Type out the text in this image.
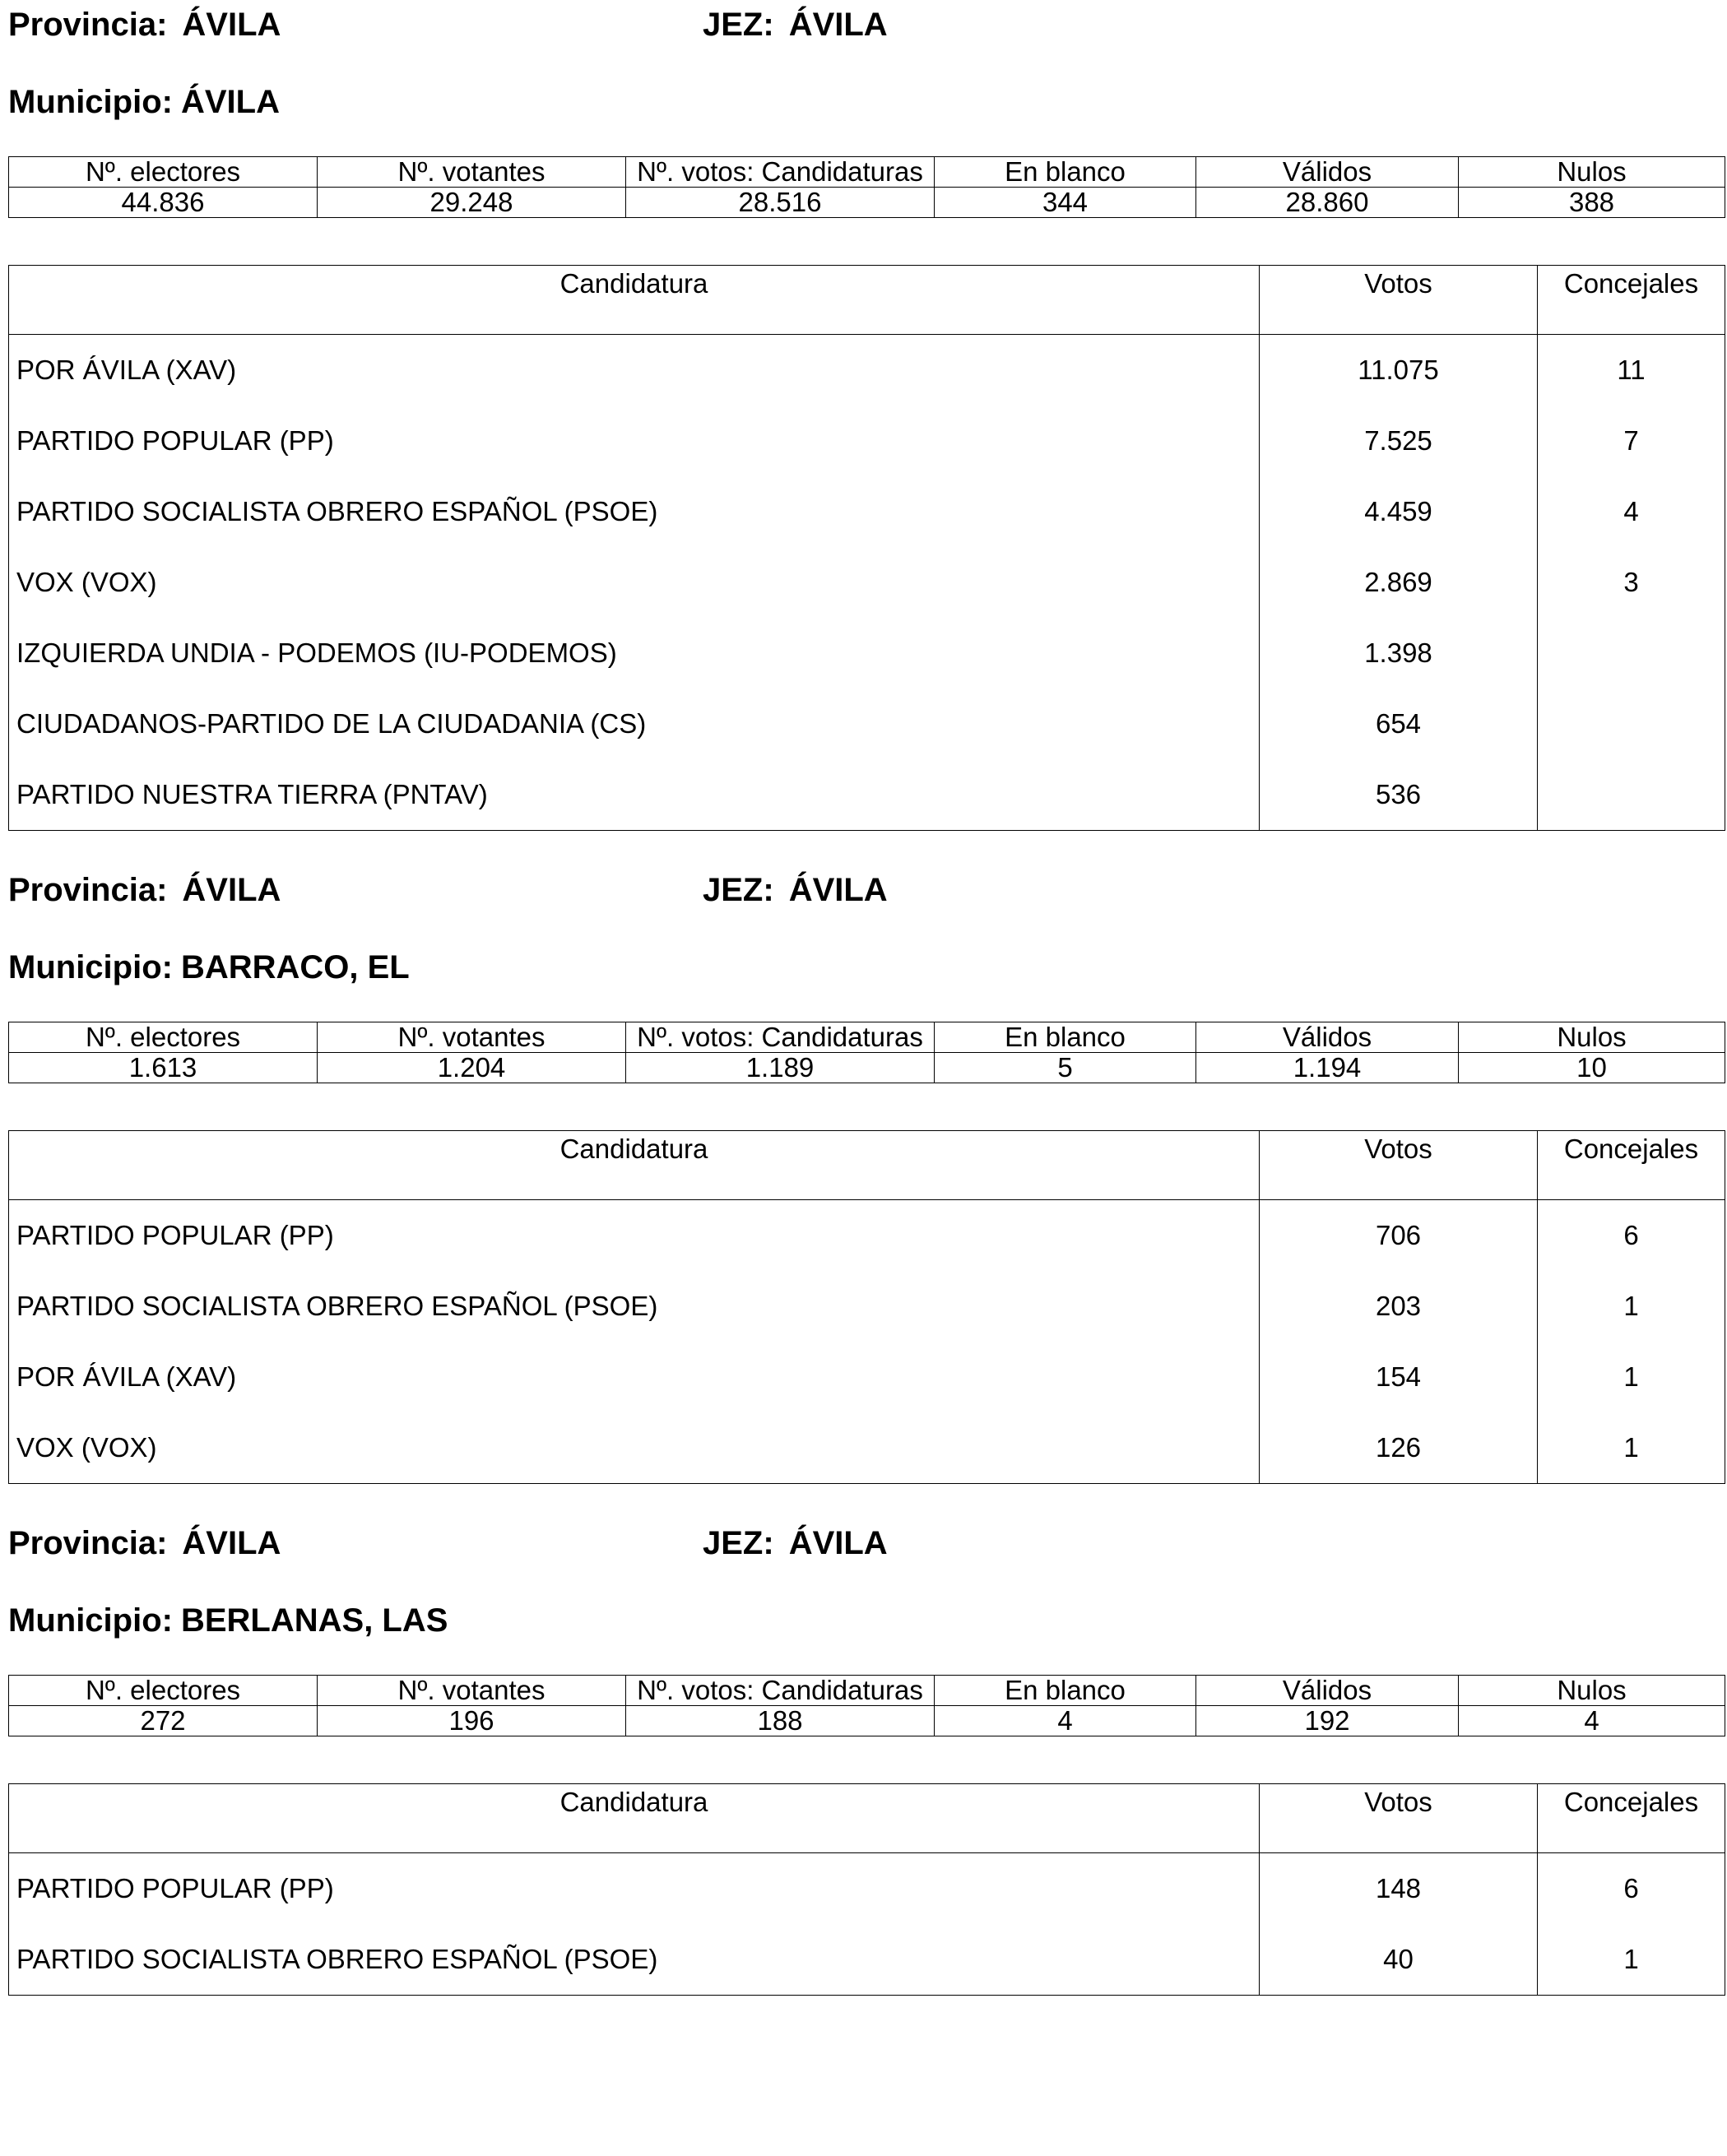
Provincia: ÁVILA	JEZ: ÁVILA
Municipio: ÁVILA
Nº. electores	Nº. votantes	Nº. votos: Candidaturas	En blanco	Válidos	Nulos
44.836	29.248	28.516	344	28.860	388
Candidatura	Votos	Concejales
POR ÁVILA (XAV)	11.075	11
PARTIDO POPULAR (PP)	7.525	7
PARTIDO SOCIALISTA OBRERO ESPAÑOL (PSOE)	4.459	4
VOX (VOX)	2.869	3
IZQUIERDA UNDIA - PODEMOS (IU-PODEMOS)	1.398	
CIUDADANOS-PARTIDO DE LA CIUDADANIA (CS)	654	
PARTIDO NUESTRA TIERRA (PNTAV)	536	
Provincia: ÁVILA	JEZ: ÁVILA
Municipio: BARRACO, EL
Nº. electores	Nº. votantes	Nº. votos: Candidaturas	En blanco	Válidos	Nulos
1.613	1.204	1.189	5	1.194	10
Candidatura	Votos	Concejales
PARTIDO POPULAR (PP)	706	6
PARTIDO SOCIALISTA OBRERO ESPAÑOL (PSOE)	203	1
POR ÁVILA (XAV)	154	1
VOX (VOX)	126	1
Provincia: ÁVILA	JEZ: ÁVILA
Municipio: BERLANAS, LAS
Nº. electores	Nº. votantes	Nº. votos: Candidaturas	En blanco	Válidos	Nulos
272	196	188	4	192	4
Candidatura	Votos	Concejales
PARTIDO POPULAR (PP)	148	6
PARTIDO SOCIALISTA OBRERO ESPAÑOL (PSOE)	40	1
